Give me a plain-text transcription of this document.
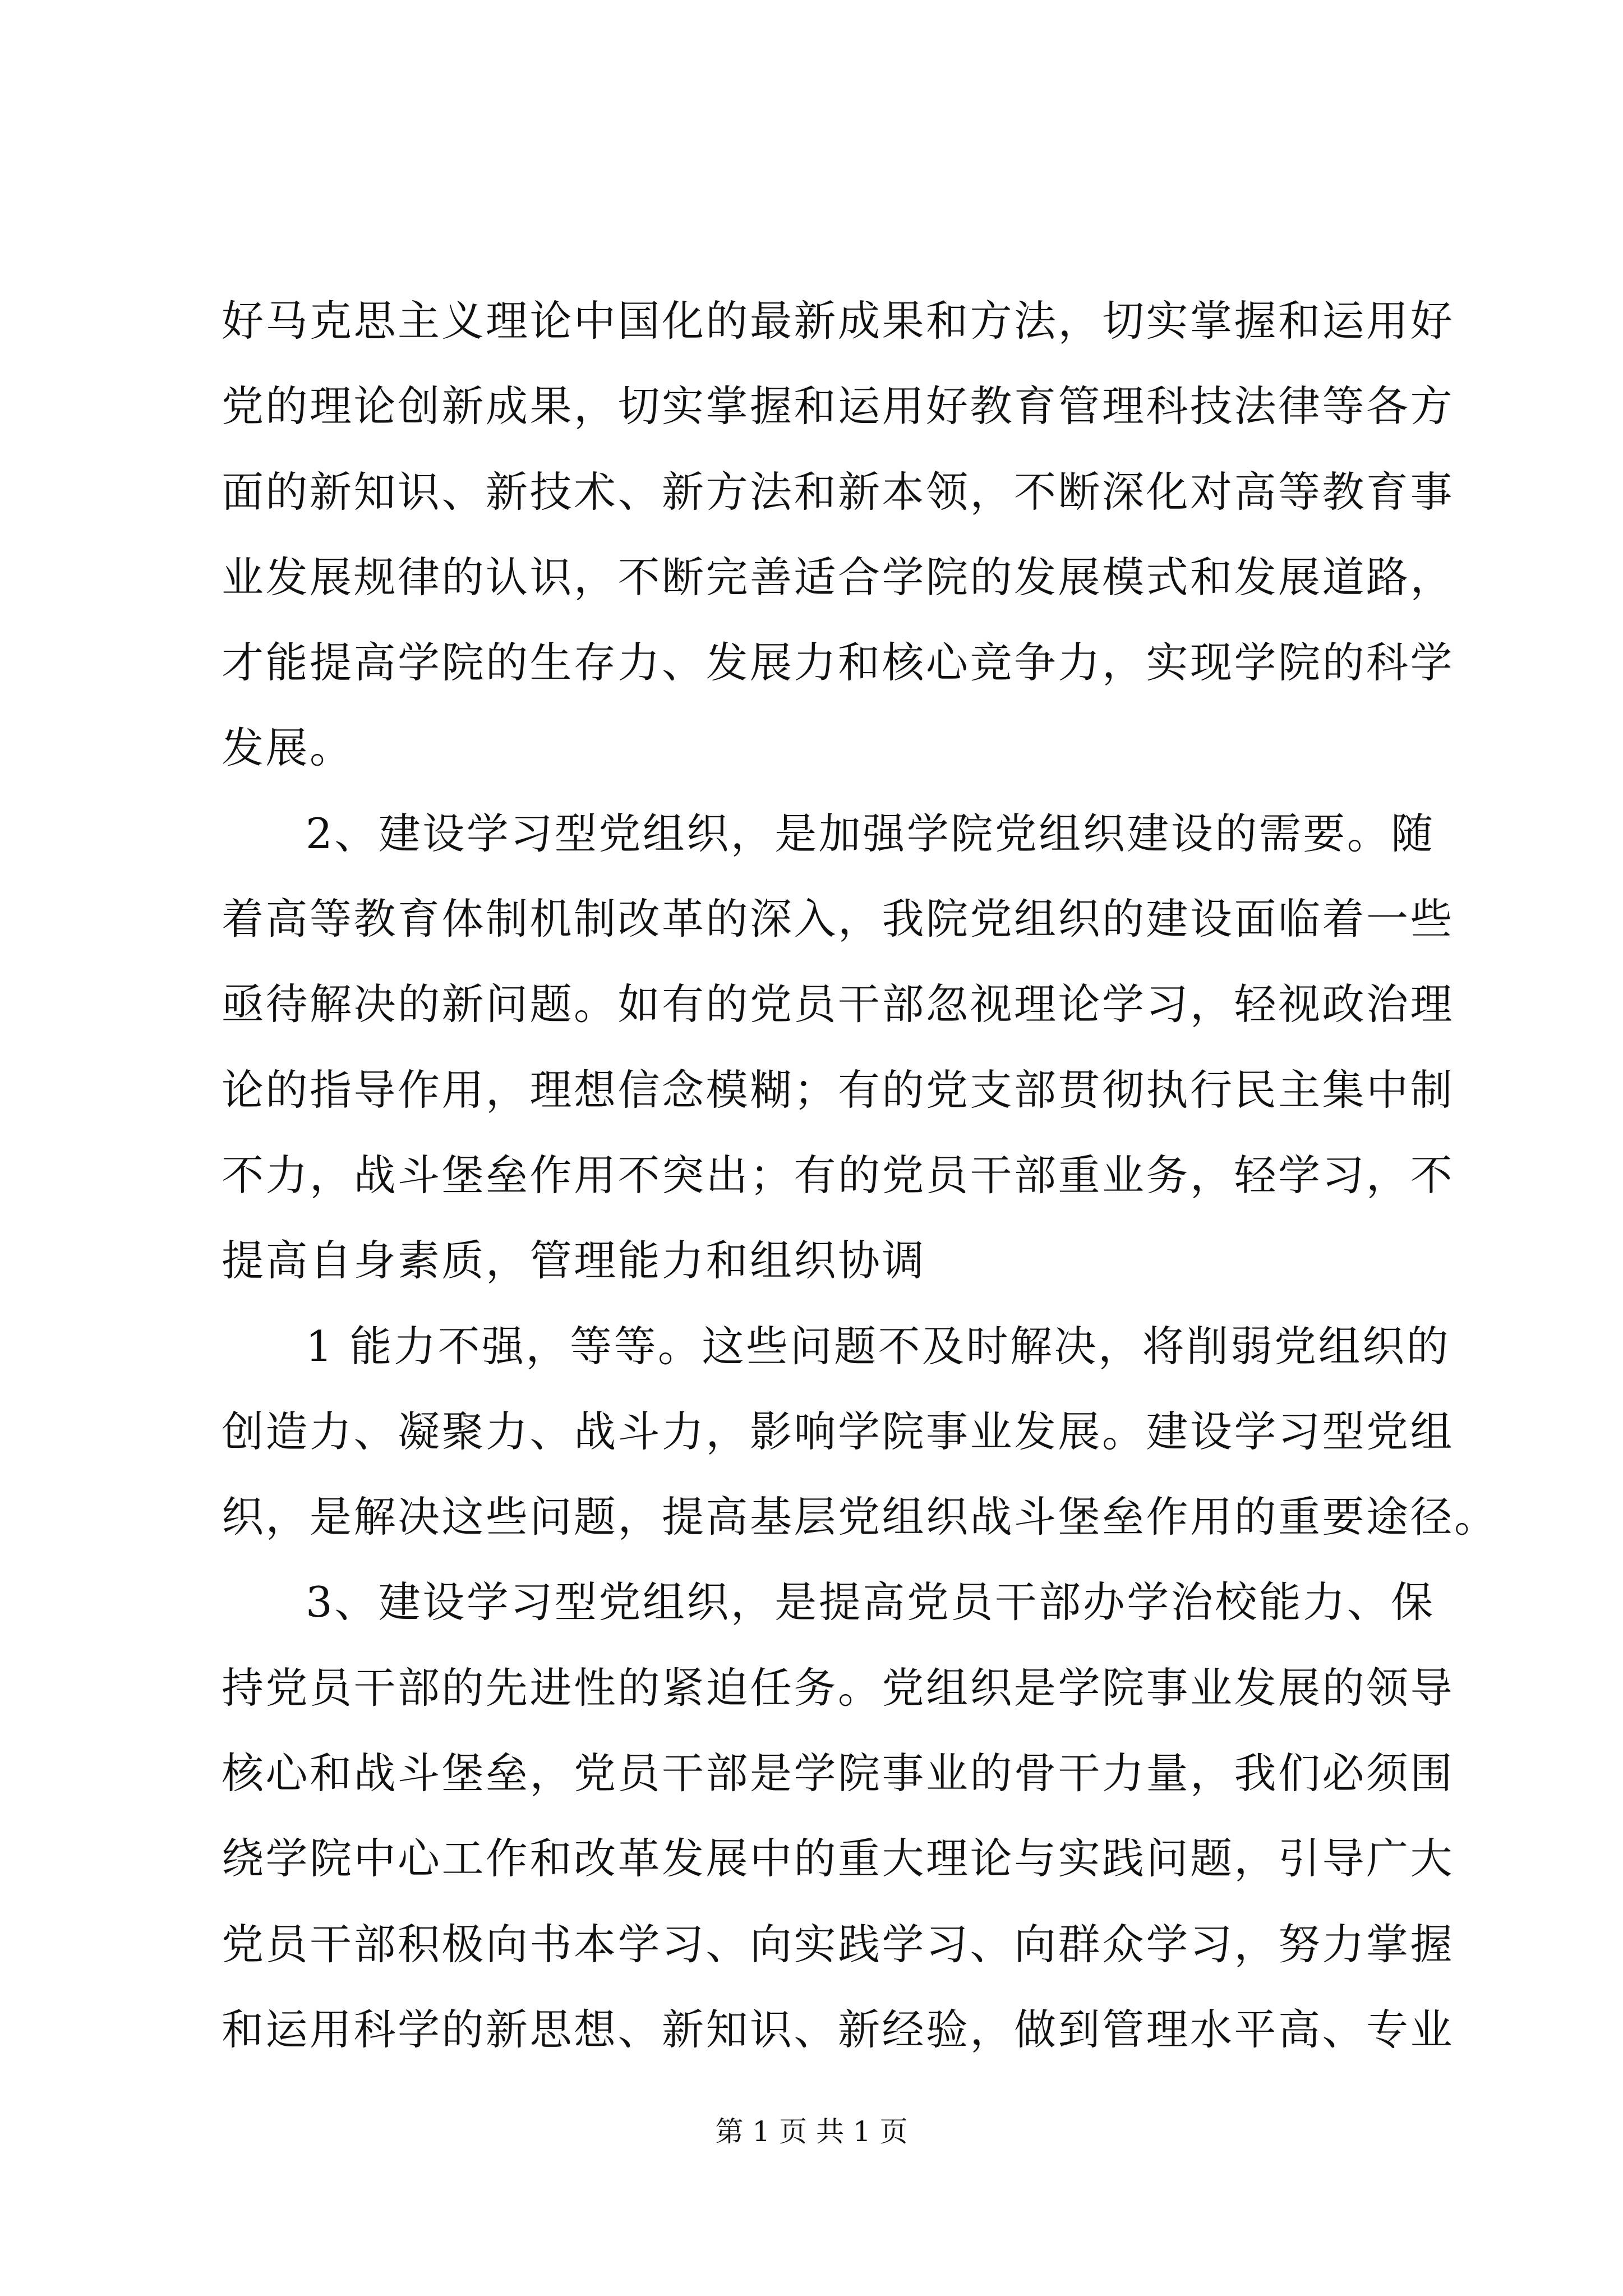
好马克思主义理论中国化的最新成果和方法，切实掌握和运用好
党的理论创新成果，切实掌握和运用好教育管理科技法律等各方
面的新知识、新技术、新方法和新本领，不断深化对高等教育事
业发展规律的认识，不断完善适合学院的发展模式和发展道路，
才能提高学院的生存力、发展力和核心竞争力，实现学院的科学
发展。
2、建设学习型党组织，是加强学院党组织建设的需要。随
着高等教育体制机制改革的深入，我院党组织的建设面临着一些
亟待解决的新问题。如有的党员干部忽视理论学习，轻视政治理
论的指导作用，理想信念模糊；有的党支部贯彻执行民主集中制
不力，战斗堡垒作用不突出；有的党员干部重业务，轻学习，不
提高自身素质，管理能力和组织协调
1 能力不强，等等。这些问题不及时解决，将削弱党组织的
创造力、凝聚力、战斗力，影响学院事业发展。建设学习型党组
织，是解决这些问题，提高基层党组织战斗堡垒作用的重要途径。
3、建设学习型党组织，是提高党员干部办学治校能力、保
持党员干部的先进性的紧迫任务。党组织是学院事业发展的领导
核心和战斗堡垒，党员干部是学院事业的骨干力量，我们必须围
绕学院中心工作和改革发展中的重大理论与实践问题，引导广大
党员干部积极向书本学习、向实践学习、向群众学习，努力掌握
和运用科学的新思想、新知识、新经验，做到管理水平高、专业
第 1 页 共 1 页
